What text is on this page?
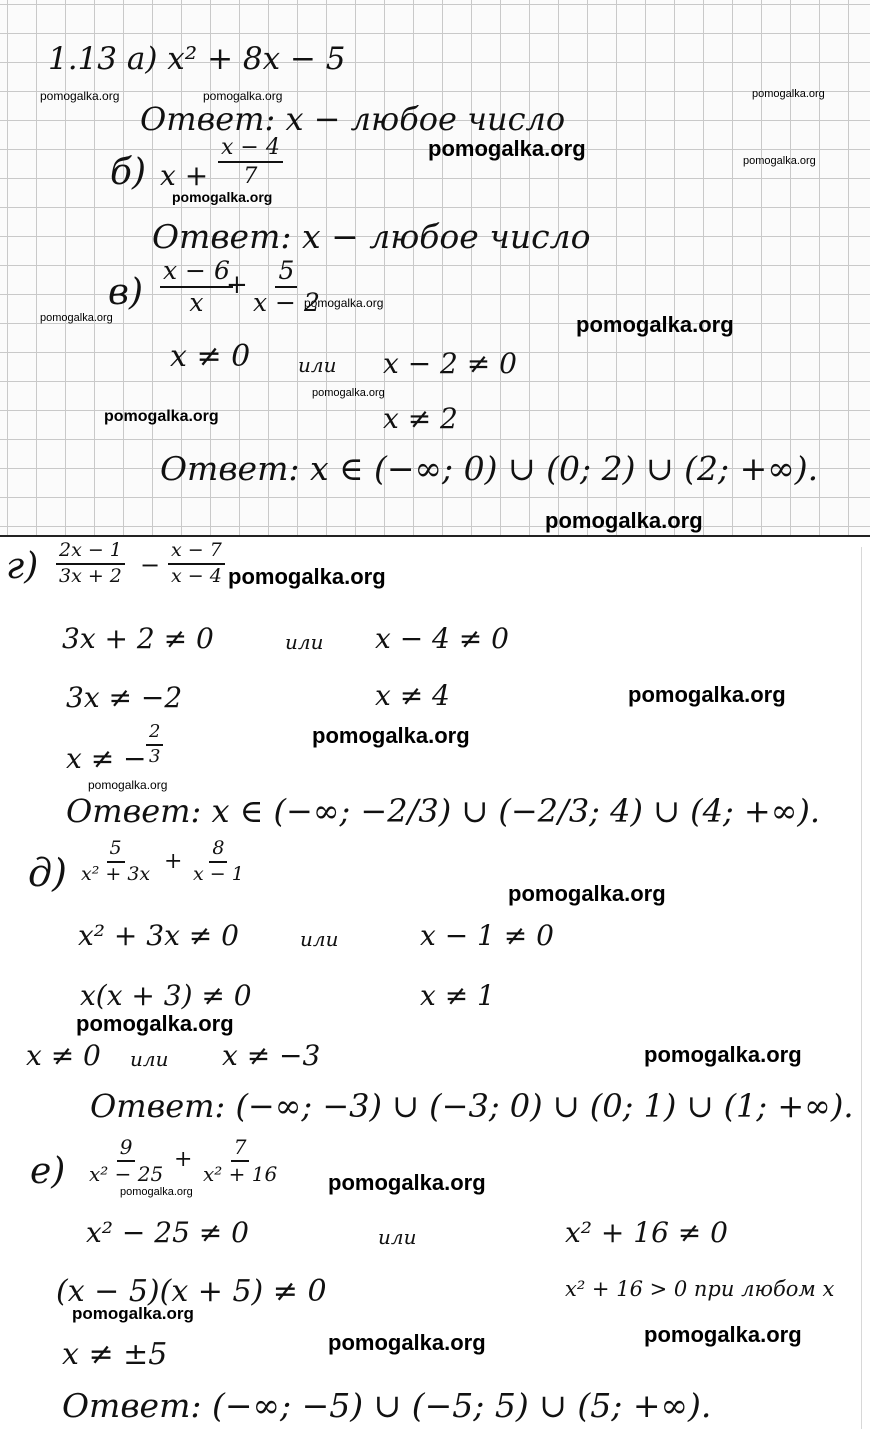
1.13 а) x² + 8x − 5
Ответ: x − любое число
б) $x + \frac{x - 4}{7}$
Ответ: x − любое число
$в) \frac{x - 6}{x}$
+ $\frac{5}{x - 2}$
x ≠ 0 или x − 2 ≠ 0
x ≠ 2
Ответ: x ∈ (−∞; 0) ∪ (0; 2) ∪ (2; +∞).
pomogalka.org	pomogalka.org	pomogalka.org
pomogalka.org	pomogalka.org
pomogalka.org
pomogalka.org
pomogalka.org	pomogalka.org
pomogalka.org
pomogalka.org
pomogalka.org
$г) \frac{2x - 1}{3x + 2} - \frac{x - 7}{x - 4}$
3x + 2 ≠ 0	или x − 4 ≠ 0
3x ≠ −2	x ≠ 4
x ≠ − $\frac{2}{3}$
Ответ: x ∈ (−∞; −2/3) ∪ (−2/3; 4) ∪ (4; +∞).
$д) \frac{5}{\text{x² + 3x}} + \frac{8}{x - 1}$
x² + 3x ≠ 0	или	x − 1 ≠ 0
x(x + 3) ≠ 0	x ≠ 1
x ≠ 0 или x ≠ −3
Ответ: (−∞; −3) ∪ (−3; 0) ∪ (0; 1) ∪ (1; +∞).
$е) \frac{9}{\text{x² − 25}} + \frac{7}{\text{x² + 16}}$
x² − 25 ≠ 0	или	x² + 16 ≠ 0
(x − 5)(x + 5) ≠ 0	x² + 16 > 0 при любом x
x ≠ ±5
Ответ: (−∞; −5) ∪ (−5; 5) ∪ (5; +∞).
pomogalka.org
pomogalka.org
pomogalka.org
pomogalka.org
pomogalka.org
pomogalka.org
pomogalka.org
pomogalka.org
pomogalka.org
pomogalka.org
pomogalka.org
pomogalka.org
